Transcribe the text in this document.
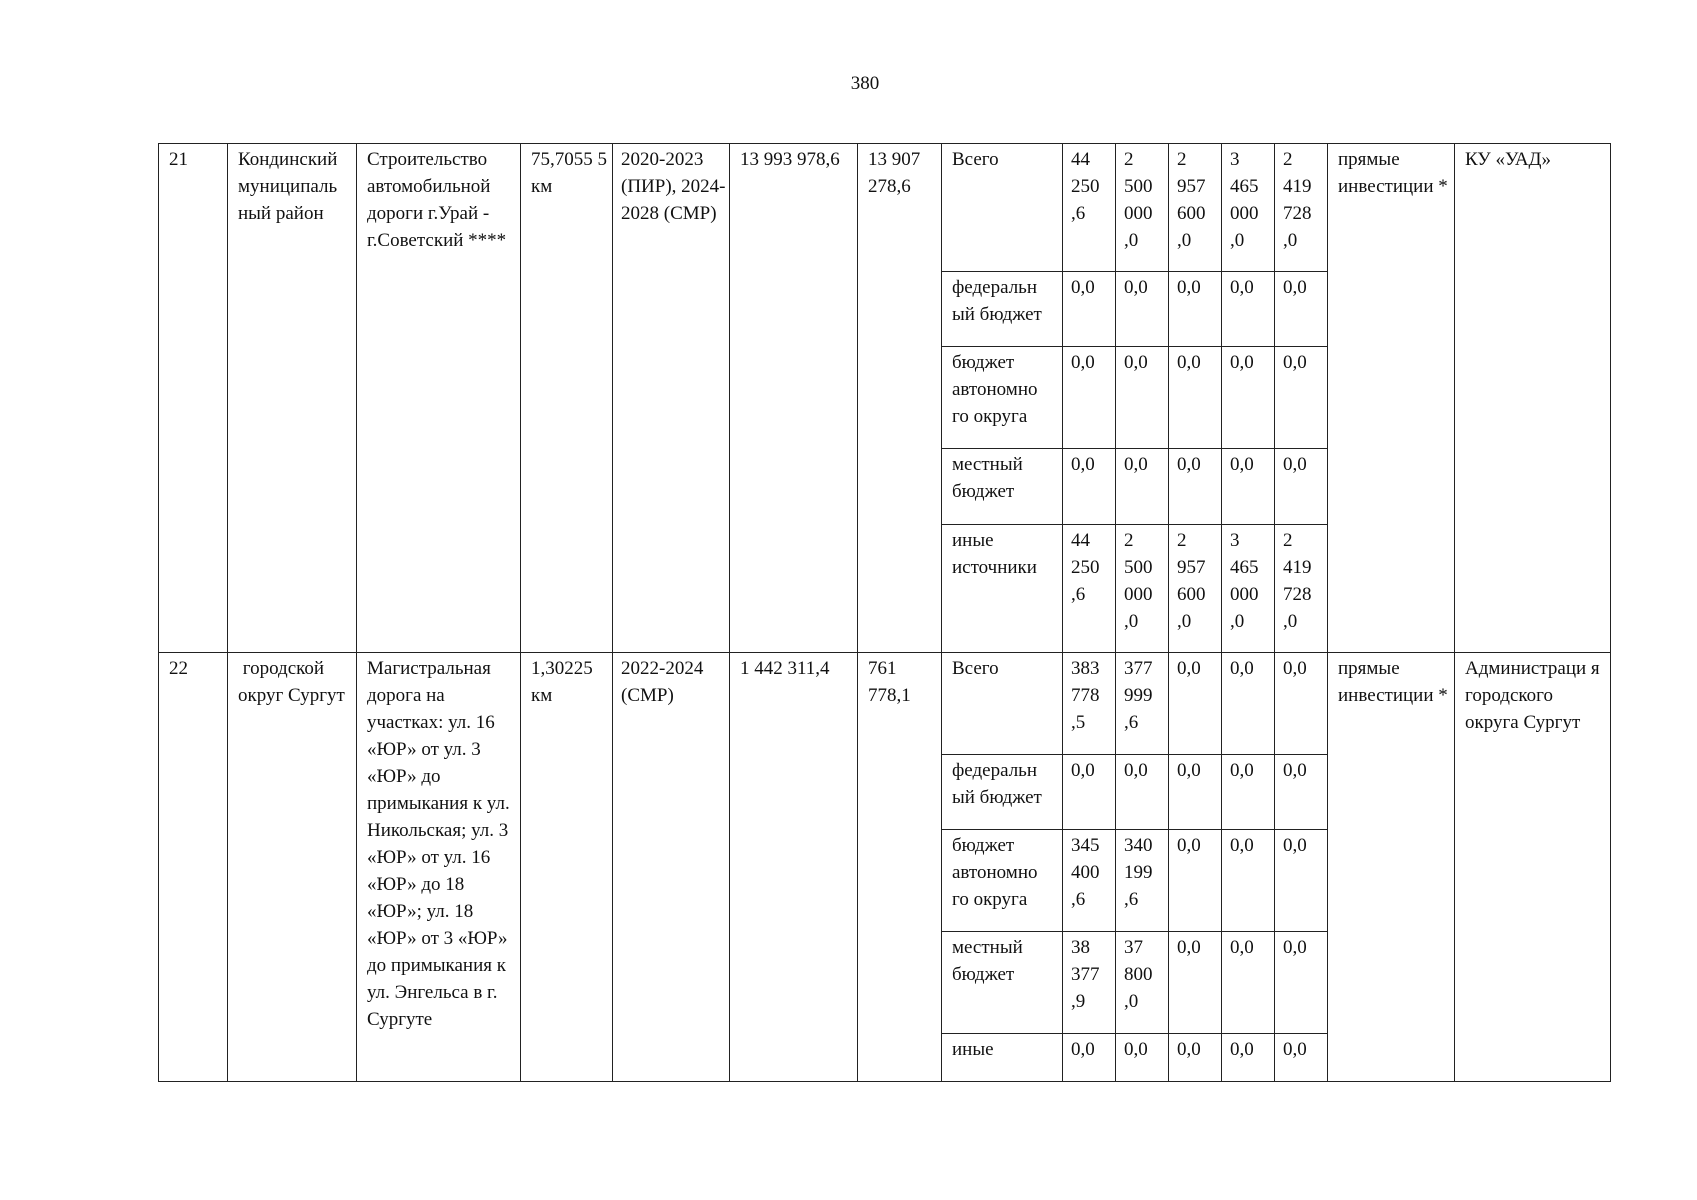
380
21	Кондинский муниципаль ный район	Строительство автомобильной дороги г.Урай - г.Советский ****	75,7055 5 км	2020-2023 (ПИР), 2024-2028 (СМР)	13 993 978,6	13 907 278,6	Всего	44 250 ,6	2 500 000 ,0	2 957 600 ,0	3 465 000 ,0	2 419 728 ,0	прямые инвестиции *	КУ «УАД»
							федеральн ый бюджет	0,0	0,0	0,0	0,0	0,0		
							бюджет автономно го округа	0,0	0,0	0,0	0,0	0,0		
							местный бюджет	0,0	0,0	0,0	0,0	0,0		
							иные источники	44 250 ,6	2 500 000 ,0	2 957 600 ,0	3 465 000 ,0	2 419 728 ,0		
22	городской округ Сургут	Магистральная дорога на участках: ул. 16 «ЮР» от ул. 3 «ЮР» до примыкания к ул. Никольская; ул. 3 «ЮР» от ул. 16 «ЮР» до 18 «ЮР»; ул. 18 «ЮР» от 3 «ЮР» до примыкания к ул. Энгельса в г. Сургуте	1,30225 км	2022-2024 (СМР)	1 442 311,4	761 778,1	Всего	383 778 ,5	377 999 ,6	0,0	0,0	0,0	прямые инвестиции *	Администраци я городского округа Сургут
							федеральн ый бюджет	0,0	0,0	0,0	0,0	0,0		
							бюджет автономно го округа	345 400 ,6	340 199 ,6	0,0	0,0	0,0		
							местный бюджет	38 377 ,9	37 800 ,0	0,0	0,0	0,0		
							иные	0,0	0,0	0,0	0,0	0,0		
